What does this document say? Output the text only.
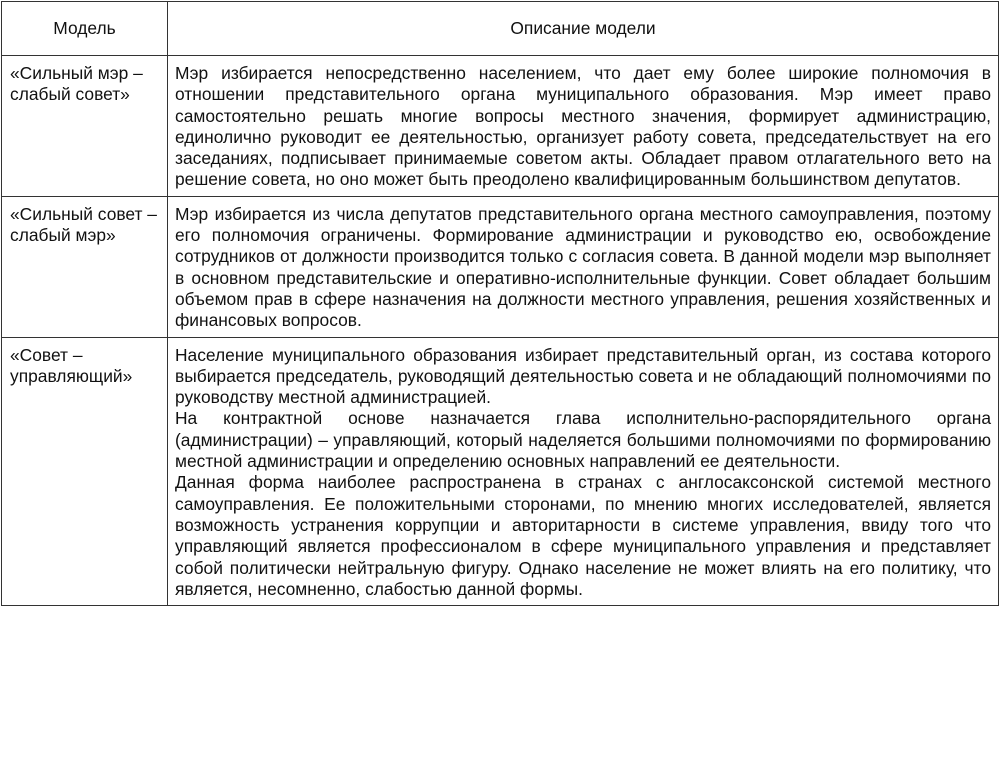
Модель	Описание модели
«Сильный мэр – слабый совет»	Мэр избирается непосредственно населением, что дает ему более широкие полномочия в отношении представительного органа муниципального образования. Мэр имеет право самостоятельно решать многие вопросы местного значения, формирует администрацию, единолично руководит ее деятельностью, организует работу совета, председательствует на его заседаниях, подписывает принимаемые советом акты. Обладает правом отлагательного вето на решение совета, но оно может быть преодолено квалифицированным большинством депутатов.

«Сильный совет – слабый мэр»	Мэр избирается из числа депутатов представительного органа местного самоуправления, поэтому его полномочия ограничены. Формирование администрации и руководство ею, освобождение сотрудников от должности производится только с согласия совета. В данной модели мэр выполняет в основном представительские и оперативно-исполнительные функции. Совет обладает большим объемом прав в сфере назначения на должности местного управления, решения хозяйственных и финансовых вопросов.

«Совет – управляющий»	Население муниципального образования избирает представительный орган, из состава которого выбирается председатель, руководящий деятельностью совета и не обладающий полномочиями по руководству местной администрацией.

На контрактной основе назначается глава исполнительно-распорядительного органа (администрации) – управляющий, который наделяется большими полномочиями по формированию местной администрации и определению основных направлений ее деятельности.

Данная форма наиболее распространена в странах с англосаксонской системой местного самоуправления. Ее положительными сторонами, по мнению многих исследователей, является возможность устранения коррупции и авторитарности в системе управления, ввиду того что управляющий является профессионалом в сфере муниципального управления и представляет собой политически нейтральную фигуру. Однако население не может влиять на его политику, что является, несомненно, слабостью данной формы.
